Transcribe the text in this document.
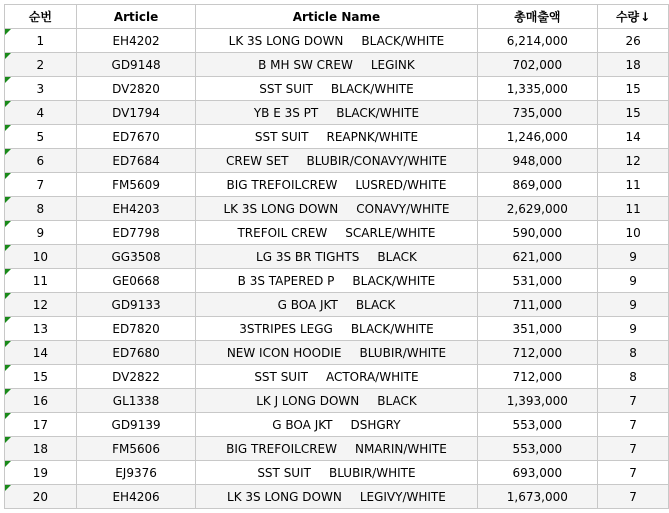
순번	Article	Article Name	총매출액	수량↓

1	EH4202	LK 3S LONG DOWN BLACK/WHITE	6,214,000	26

2	GD9148	B MH SW CREW LEGINK	702,000	18

3	DV2820	SST SUIT BLACK/WHITE	1,335,000	15

4	DV1794	YB E 3S PT BLACK/WHITE	735,000	15

5	ED7670	SST SUIT REAPNK/WHITE	1,246,000	14

6	ED7684	CREW SET BLUBIR/CONAVY/WHITE	948,000	12

7	FM5609	BIG TREFOILCREW LUSRED/WHITE	869,000	11

8	EH4203	LK 3S LONG DOWN CONAVY/WHITE	2,629,000	11

9	ED7798	TREFOIL CREW SCARLE/WHITE	590,000	10

10	GG3508	LG 3S BR TIGHTS BLACK	621,000	9

11	GE0668	B 3S TAPERED P BLACK/WHITE	531,000	9

12	GD9133	G BOA JKT BLACK	711,000	9

13	ED7820	3STRIPES LEGG BLACK/WHITE	351,000	9

14	ED7680	NEW ICON HOODIE BLUBIR/WHITE	712,000	8

15	DV2822	SST SUIT ACTORA/WHITE	712,000	8

16	GL1338	LK J LONG DOWN BLACK	1,393,000	7

17	GD9139	G BOA JKT DSHGRY	553,000	7

18	FM5606	BIG TREFOILCREW NMARIN/WHITE	553,000	7

19	EJ9376	SST SUIT BLUBIR/WHITE	693,000	7

20	EH4206	LK 3S LONG DOWN LEGIVY/WHITE	1,673,000	7
